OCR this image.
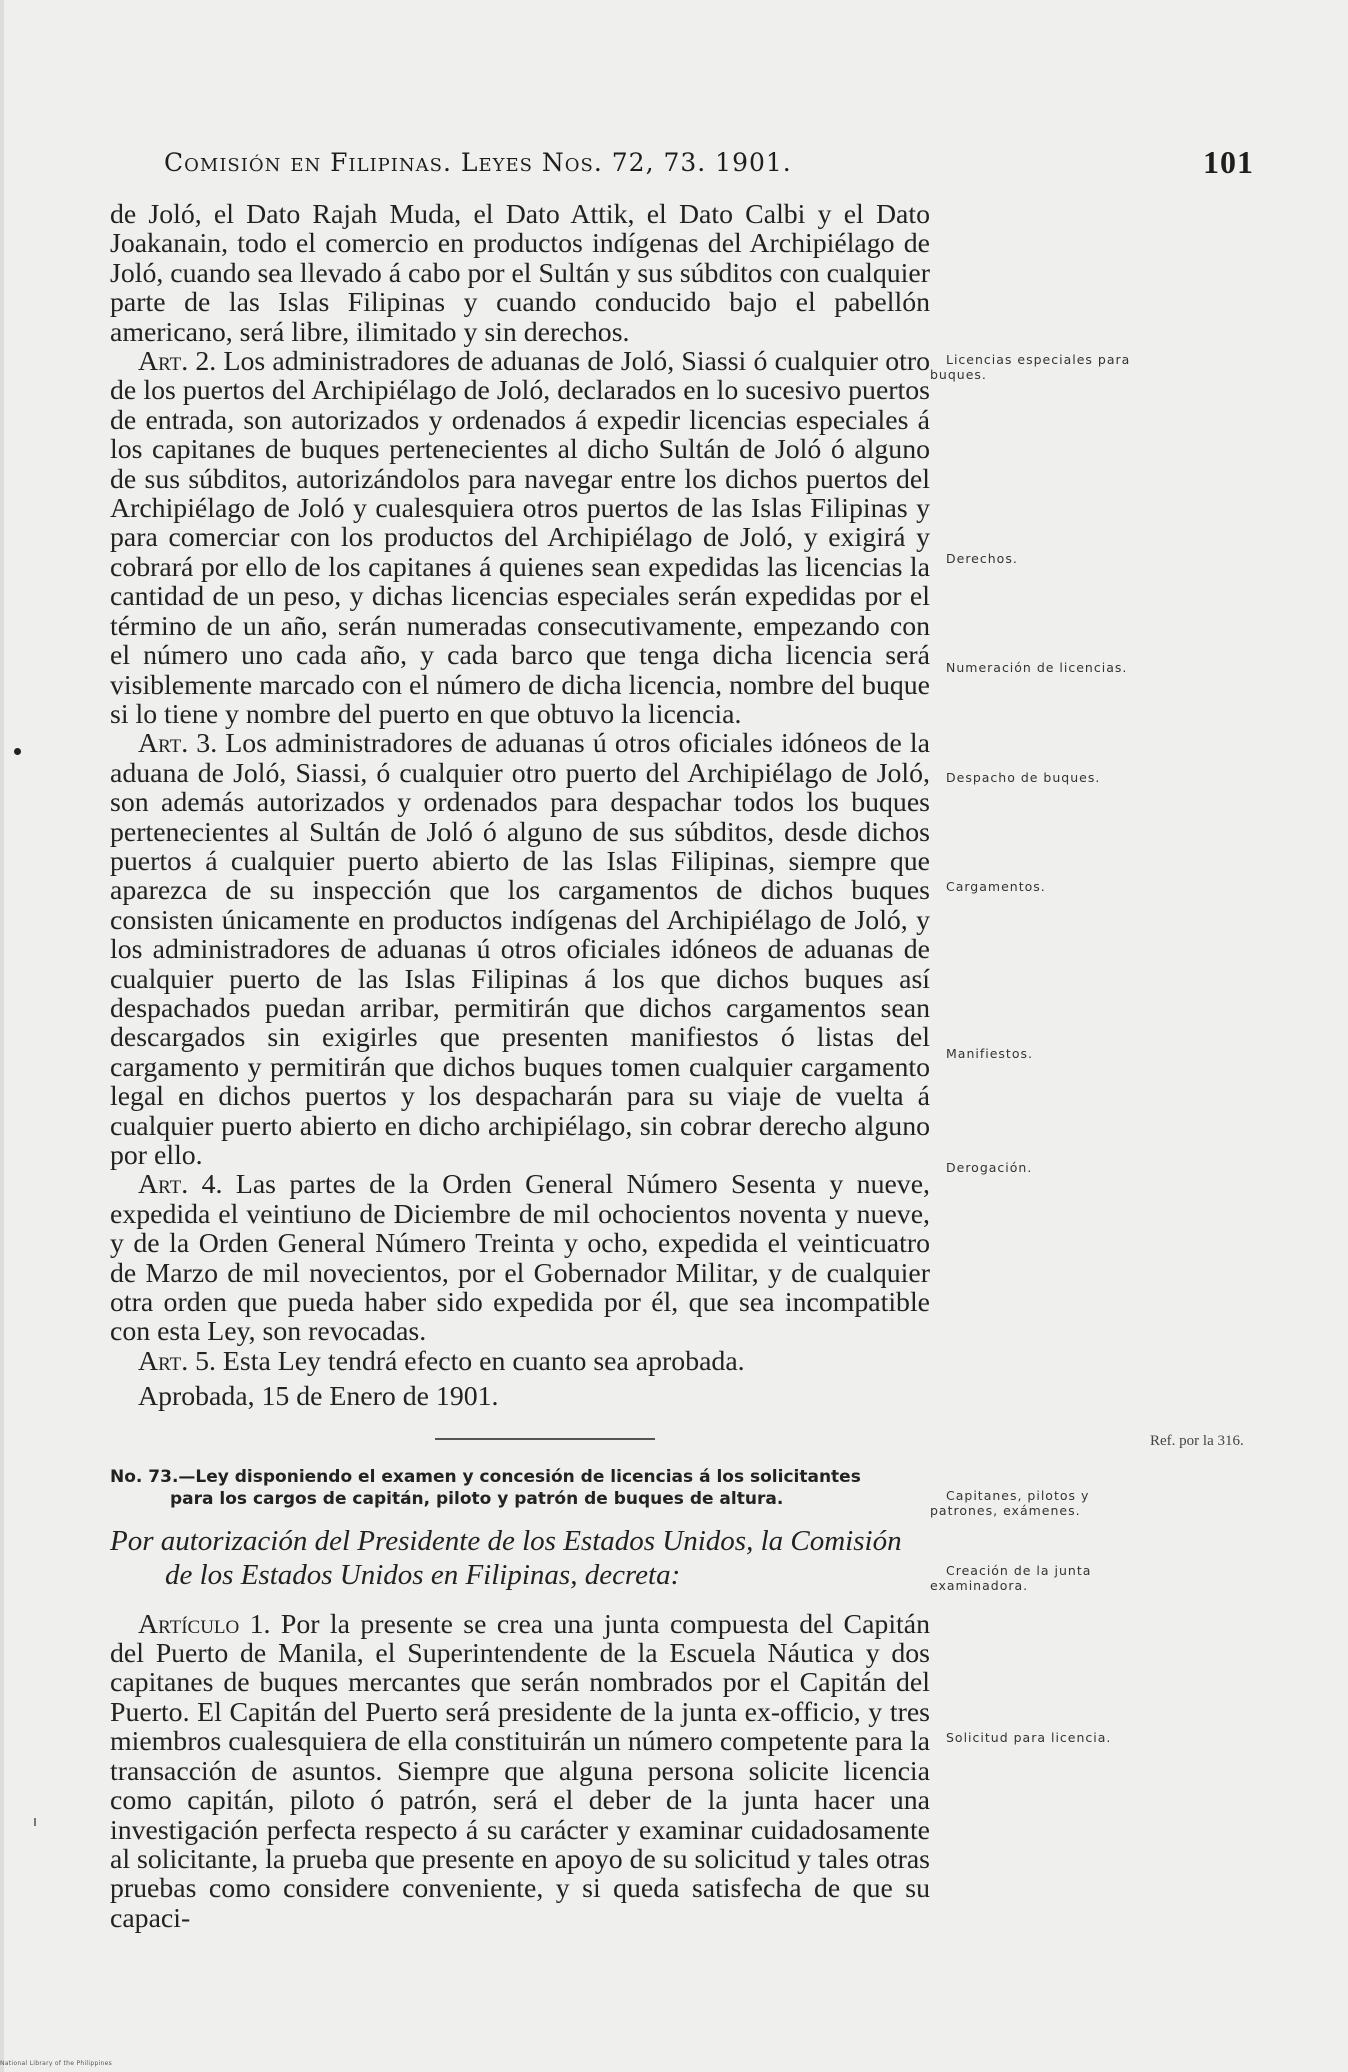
Comisión en Filipinas. Leyes Nos. 72, 73. 1901.	101

de Joló, el Dato Rajah Muda, el Dato Attik, el Dato Calbi y el Dato Joakanain, todo el comercio en productos indígenas del Archipiélago de Joló, cuando sea llevado á cabo por el Sultán y sus súbditos con cualquier parte de las Islas Filipinas y cuando conducido bajo el pabellón americano, será libre, ilimitado y sin derechos.

Art. 2. Los administradores de aduanas de Joló, Siassi ó cualquier otro de los puertos del Archipiélago de Joló, declarados en lo sucesivo puertos de entrada, son autorizados y ordenados á expedir licencias especiales á los capitanes de buques pertenecientes al dicho Sultán de Joló ó alguno de sus súbditos, autorizándolos para navegar entre los dichos puertos del Archipiélago de Joló y cualesquiera otros puertos de las Islas Filipinas y para comerciar con los productos del Archipiélago de Joló, y exigirá y cobrará por ello de los capitanes á quienes sean expedidas las licencias la cantidad de un peso, y dichas licencias especiales serán expedidas por el término de un año, serán numeradas consecutivamente, empezando con el número uno cada año, y cada barco que tenga dicha licencia será visiblemente marcado con el número de dicha licencia, nombre del buque si lo tiene y nombre del puerto en que obtuvo la licencia.

Art. 3. Los administradores de aduanas ú otros oficiales idóneos de la aduana de Joló, Siassi, ó cualquier otro puerto del Archipiélago de Joló, son además autorizados y ordenados para despachar todos los buques pertenecientes al Sultán de Joló ó alguno de sus súbditos, desde dichos puertos á cualquier puerto abierto de las Islas Filipinas, siempre que aparezca de su inspección que los cargamentos de dichos buques consisten únicamente en productos indígenas del Archipiélago de Joló, y los administradores de aduanas ú otros oficiales idóneos de aduanas de cualquier puerto de las Islas Filipinas á los que dichos buques así despachados puedan arribar, permitirán que dichos cargamentos sean descargados sin exigirles que presenten manifiestos ó listas del cargamento y permitirán que dichos buques tomen cualquier cargamento legal en dichos puertos y los despacharán para su viaje de vuelta á cualquier puerto abierto en dicho archipiélago, sin cobrar derecho alguno por ello.

Art. 4. Las partes de la Orden General Número Sesenta y nueve, expedida el veintiuno de Diciembre de mil ochocientos noventa y nueve, y de la Orden General Número Treinta y ocho, expedida el veinticuatro de Marzo de mil novecientos, por el Gobernador Militar, y de cualquier otra orden que pueda haber sido expedida por él, que sea incompatible con esta Ley, son revocadas.

Art. 5. Esta Ley tendrá efecto en cuanto sea aprobada.

Aprobada, 15 de Enero de 1901.

No. 73.—Ley disponiendo el examen y concesión de licencias á los solicitantes
para los cargos de capitán, piloto y patrón de buques de altura.

Por autorización del Presidente de los Estados Unidos, la Comisión
de los Estados Unidos en Filipinas, decreta:

Artículo 1. Por la presente se crea una junta compuesta del Capitán del Puerto de Manila, el Superintendente de la Escuela Náutica y dos capitanes de buques mercantes que serán nombrados por el Capitán del Puerto. El Capitán del Puerto será presidente de la junta ex-officio, y tres miembros cualesquiera de ella constituirán un número competente para la transacción de asuntos. Siempre que alguna persona solicite licencia como capitán, piloto ó patrón, será el deber de la junta hacer una investigación perfecta respecto á su carácter y examinar cuidadosamente al solicitante, la prueba que presente en apoyo de su solicitud y tales otras pruebas como considere conveniente, y si queda satisfecha de que su capaci-

Licencias especiales para buques.
Derechos.
Numeración de licencias.
Despacho de buques.
Cargamentos.
Manifiestos.
Derogación.
Capitanes, pilotos y patrones, exámenes.
Creación de la junta examinadora.
Solicitud para licencia.
Ref. por la 316.
National Library of the Philippines
